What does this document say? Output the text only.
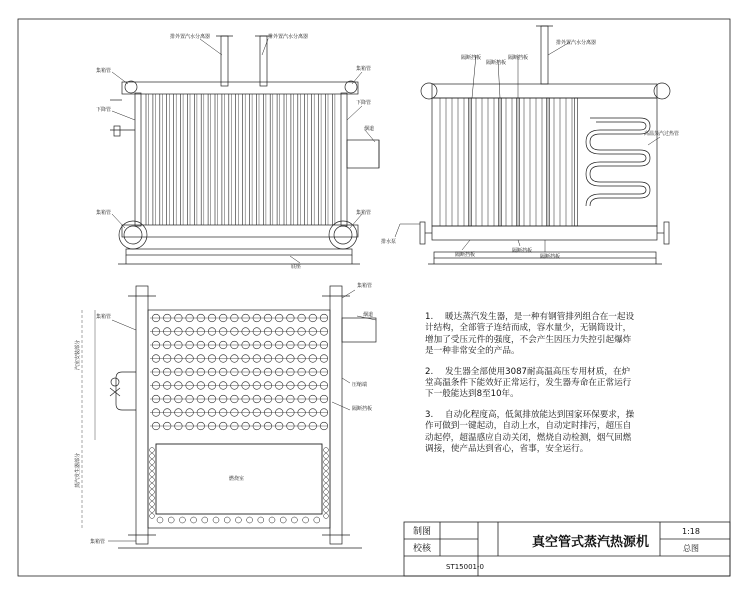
排外置汽水分离器	排外置汽水分离器
集箱管
下降管
集箱管
下降管
烟道
集箱管	集箱管
底座
隔断挡板
隔断挡板
隔断挡板
排外置汽水分离器
高温蒸汽过热管
排水泵
隔断挡板
隔断挡板
隔断挡板
集箱管
集箱管	烟道
压缩端
隔断挡板
燃烧室
集箱管
汽室安装部分
蒸汽发生器部分
制图
校核	真空管式蒸汽热源机
1:18
总图
ST15001-0

1. 暖达蒸汽发生器，是一种有钢管排列组合在一起设计结构，全部管子连结而成，容水量少，无锅筒设计，增加了受压元件的强度，不会产生因压力失控引起爆炸是一种非常安全的产品。

2. 发生器全部使用3087耐高温高压专用材质，在炉堂高温条件下能效好正常运行，发生器寿命在正常运行下一般能达到8至10年。

3. 自动化程度高，低氮排放能达到国家环保要求，操作可做到一键起动，自动上水，自动定时排污，超压自动起停，超温感应自动关闭，燃烧自动检测，烟气回燃调接，使产品达到省心，省事，安全运行。
